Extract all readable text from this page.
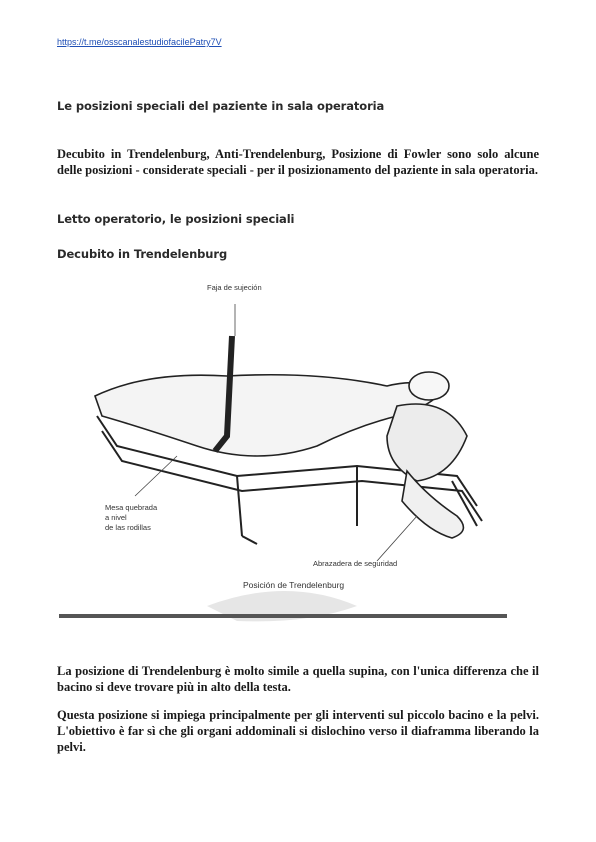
https://t.me/osscanalestudiofacilePatry7V
Le posizioni speciali del paziente in sala operatoria

Decubito in Trendelenburg, Anti-Trendelenburg, Posizione di Fowler sono solo alcune delle posizioni - considerate speciali - per il posizionamento del paziente in sala operatoria.

Letto operatorio, le posizioni speciali
Decubito in Trendelenburg
Faja de sujeción
Mesa quebrada
a nivel
de las rodillas
Abrazadera de seguridad
Posición de Trendelenburg

La posizione di Trendelenburg è molto simile a quella supina, con l'unica differenza che il bacino si deve trovare più in alto della testa.

Questa posizione si impiega principalmente per gli interventi sul piccolo bacino e la pelvi. L'obiettivo è far sì che gli organi addominali si dislochino verso il diaframma liberando la pelvi.
